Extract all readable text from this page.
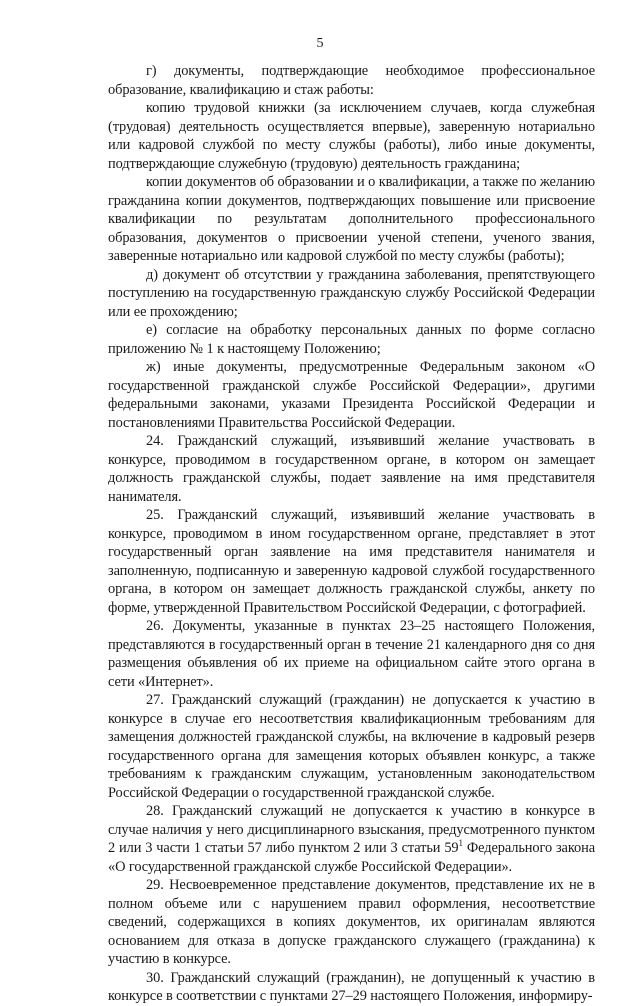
5

г) документы, подтверждающие необходимое профессиональное образование, квалификацию и стаж работы:

копию трудовой книжки (за исключением случаев, когда служебная (трудовая) деятельность осуществляется впервые), заверенную нотариально или кадровой службой по месту службы (работы), либо иные документы, подтверждающие служебную (трудовую) деятельность гражданина;

копии документов об образовании и о квалификации, а также по желанию гражданина копии документов, подтверждающих повышение или присвоение квалификации по результатам дополнительного профессионального образования, документов о присвоении ученой степени, ученого звания, заверенные нотариально или кадровой службой по месту службы (работы);

д) документ об отсутствии у гражданина заболевания, препятствующего поступлению на государственную гражданскую службу Российской Федерации или ее прохождению;

е) согласие на обработку персональных данных по форме согласно приложению № 1 к настоящему Положению;

ж) иные документы, предусмотренные Федеральным законом «О государственной гражданской службе Российской Федерации», другими федеральными законами, указами Президента Российской Федерации и постановлениями Правительства Российской Федерации.

24. Гражданский служащий, изъявивший желание участвовать в конкурсе, проводимом в государственном органе, в котором он замещает должность гражданской службы, подает заявление на имя представителя нанимателя.

25. Гражданский служащий, изъявивший желание участвовать в конкурсе, проводимом в ином государственном органе, представляет в этот государственный орган заявление на имя представителя нанимателя и заполненную, подписанную и заверенную кадровой службой государственного органа, в котором он замещает должность гражданской службы, анкету по форме, утвержденной Правительством Российской Федерации, с фотографией.

26. Документы, указанные в пунктах 23–25 настоящего Положения, представляются в государственный орган в течение 21 календарного дня со дня размещения объявления об их приеме на официальном сайте этого органа в сети «Интернет».

27. Гражданский служащий (гражданин) не допускается к участию в конкурсе в случае его несоответствия квалификационным требованиям для замещения должностей гражданской службы, на включение в кадровый резерв государственного органа для замещения которых объявлен конкурс, а также требованиям к гражданским служащим, установленным законодательством Российской Федерации о государственной гражданской службе.

28. Гражданский служащий не допускается к участию в конкурсе в случае наличия у него дисциплинарного взыскания, предусмотренного пунктом 2 или 3 части 1 статьи 57 либо пунктом 2 или 3 статьи $59^1$ Федерального закона «О государственной гражданской службе Российской Федерации».

29. Несвоевременное представление документов, представление их не в полном объеме или с нарушением правил оформления, несоответствие сведений, содержащихся в копиях документов, их оригиналам являются основанием для отказа в допуске гражданского служащего (гражданина) к участию в конкурсе.

30. Гражданский служащий (гражданин), не допущенный к участию в конкурсе в соответствии с пунктами 27–29 настоящего Положения, информиру-
